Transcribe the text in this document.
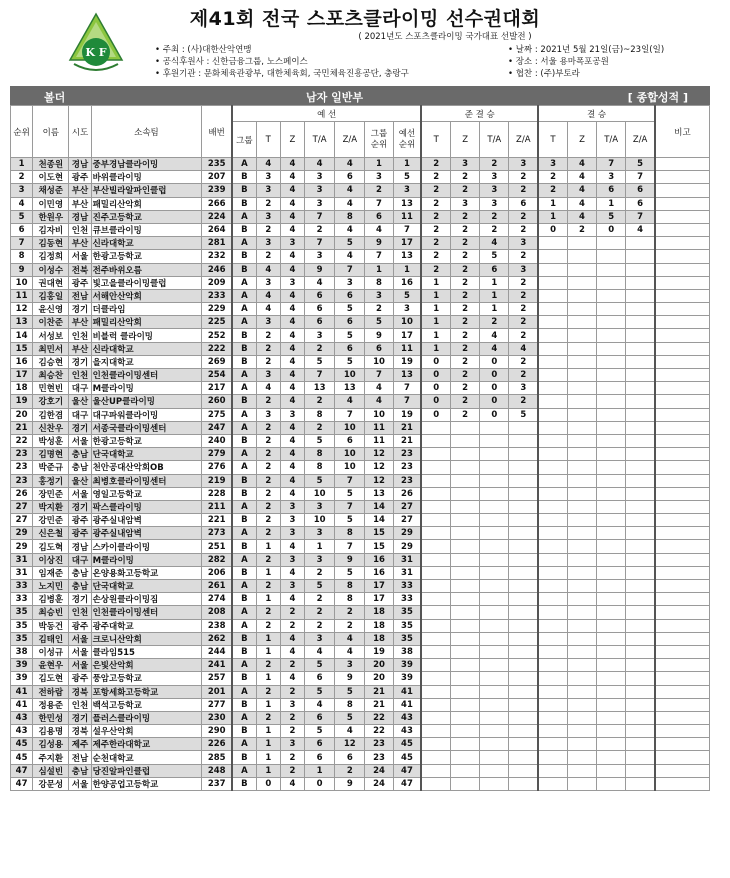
K F
제41회 전국 스포츠클라이밍 선수권대회
( 2021년도 스포츠클라이밍 국가대표 선발전 )
• 주최 : (사)대한산악연맹
• 공식후원사 : 신한금융그룹, 노스페이스
• 후원기관 : 문화체육관광부, 대한체육회, 국민체육진흥공단, 충랑구
• 날짜 : 2021년 5월 21일(금)~23일(일)
• 장소 : 서울 용마폭포공원
• 협찬 : (주)부토라
볼더	남자 일반부	[ 종합성적 ]
순위	이름	시도	소속팀	배번	예 선							준 결 승				결 승				비고
					그룹	T	Z	T/A	Z/A	그룹 순위	예선 순위	T	Z	T/A	Z/A	T	Z	T/A	Z/A	
1	천종원	경남	중부경남클라이밍	235	A	4	4	4	4	1	1	2	3	2	3	3	4	7	5	
2	이도현	광주	바위클라이밍	207	B	3	4	3	6	3	5	2	2	3	2	2	4	3	7	
3	채성준	부산	부산빌라알파인클럽	239	B	3	4	3	4	2	3	2	2	3	2	2	4	6	6	
4	이민영	부산	패밀리산악회	266	B	2	4	3	4	7	13	2	3	3	6	1	4	1	6	
5	한원우	경남	진주고등학교	224	A	3	4	7	8	6	11	2	2	2	2	1	4	5	7	
6	김자비	인천	큐브클라이밍	264	B	2	4	2	4	4	7	2	2	2	2	0	2	0	4	
7	김동현	부산	신라대학교	281	A	3	3	7	5	9	17	2	2	4	3					
8	김정희	서울	한광고등학교	232	B	2	4	3	4	7	13	2	2	5	2					
9	이성수	전북	전주바위오름	246	B	4	4	9	7	1	1	2	2	6	3					
10	권대현	광주	빛고을클라이밍클럽	209	A	3	3	4	3	8	16	1	2	1	2					
11	김홍일	전남	서해안산악회	233	A	4	4	6	6	3	5	1	2	1	2					
12	윤신영	경기	더클라임	229	A	4	4	6	5	2	3	1	2	1	2					
13	이찬준	부산	패밀리산악회	225	A	3	4	6	6	5	10	1	2	2	2					
14	서성보	인천	비블럭 클라이밍	252	B	2	4	3	5	9	17	1	2	4	2					
15	최민서	부산	신라대학교	222	B	2	4	2	6	6	11	1	2	4	4					
16	김승현	경기	을지대학교	269	B	2	4	5	5	10	19	0	2	0	2					
17	최승찬	인천	인천클라이밍센터	254	A	3	4	7	10	7	13	0	2	0	2					
18	민현빈	대구	M클라이밍	217	A	4	4	13	13	4	7	0	2	0	3					
19	강호기	울산	울산UP클라이밍	260	B	2	4	2	4	4	7	0	2	0	2					
20	김한겸	대구	대구파워클라이밍	275	A	3	3	8	7	10	19	0	2	0	5					
21	신찬우	경기	서종국클라이밍센터	247	A	2	4	2	10	11	21									
22	박성훈	서울	한광고등학교	240	B	2	4	5	6	11	21									
23	김명현	충남	단국대학교	279	A	2	4	8	10	12	23									
23	박준규	충남	천안공대산악회OB	276	A	2	4	8	10	12	23									
23	홍정기	울산	최병호클라이밍센터	219	B	2	4	5	7	12	23									
26	장민준	서울	영일고등학교	228	B	2	4	10	5	13	26									
27	박지환	경기	팍스클라이밍	211	A	2	3	3	7	14	27									
27	강민준	광주	광주실내암벽	221	B	2	3	10	5	14	27									
29	신은철	광주	광주실내암벽	273	A	2	3	3	8	15	29									
29	김도혁	경남	스카이클라이밍	251	B	1	4	1	7	15	29									
31	이상진	대구	M클라이밍	282	A	2	3	3	9	16	31									
31	임재준	충남	온양용화고등학교	206	B	1	4	2	5	16	31									
33	노지민	충남	단국대학교	261	A	2	3	5	8	17	33									
33	김병훈	경기	손상원클라이밍짐	274	B	1	4	2	8	17	33									
35	최승빈	인천	인천클라이밍센터	208	A	2	2	2	2	18	35									
35	박동건	광주	광주대학교	238	A	2	2	2	2	18	35									
35	김태인	서울	크로니산악회	262	B	1	4	3	4	18	35									
38	이성규	서울	클라임515	244	B	1	4	4	4	19	38									
39	윤현우	서울	은빛산악회	241	A	2	2	5	3	20	39									
39	김도현	광주	풍암고등학교	257	B	1	4	6	9	20	39									
41	전하람	경북	포항세화고등학교	201	A	2	2	5	5	21	41									
41	정용준	인천	백석고등학교	277	B	1	3	4	8	21	41									
43	한민성	경기	플러스클라이밍	230	A	2	2	6	5	22	43									
43	김용명	경북	설우산악회	290	B	1	2	5	4	22	43									
45	김성용	제주	제주한라대학교	226	A	1	3	6	12	23	45									
45	주지환	전남	순천대학교	285	B	1	2	6	6	23	45									
47	심설빈	충남	당진알파인클럽	248	A	1	2	1	2	24	47									
47	강문성	서울	한양공업고등학교	237	B	0	4	0	9	24	47									
